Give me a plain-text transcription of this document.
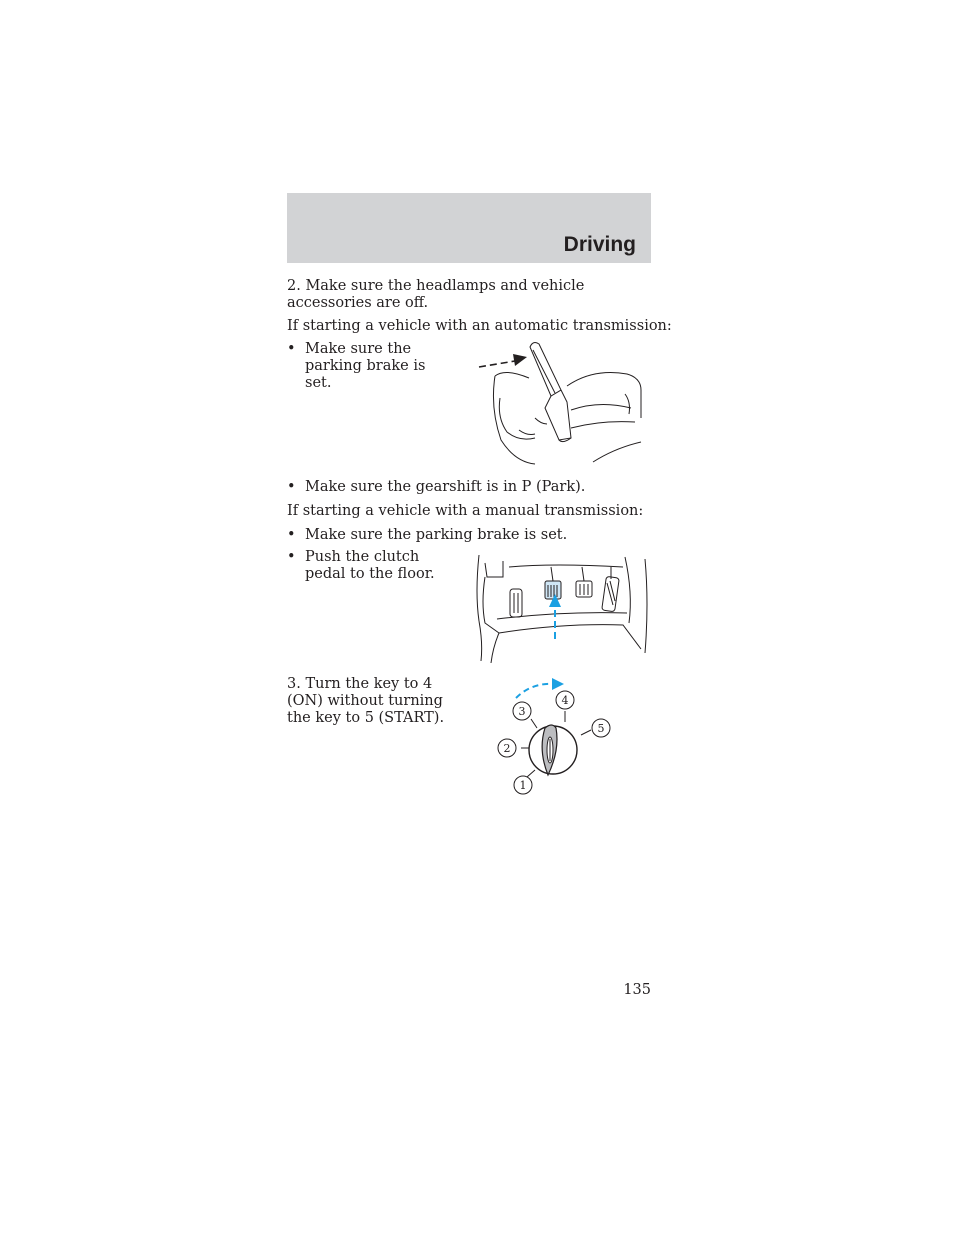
Driving

2. Make sure the headlamps and vehicle accessories are off.

If starting a vehicle with an automatic transmission:

• Make sure the parking brake is set.
• Make sure the gearshift is in P (Park).

If starting a vehicle with a manual transmission:

• Make sure the parking brake is set.
• Push the clutch pedal to the floor.

3. Turn the key to 4 (ON) without turning the key to 5 (START).

1
2
3
4
5
135
